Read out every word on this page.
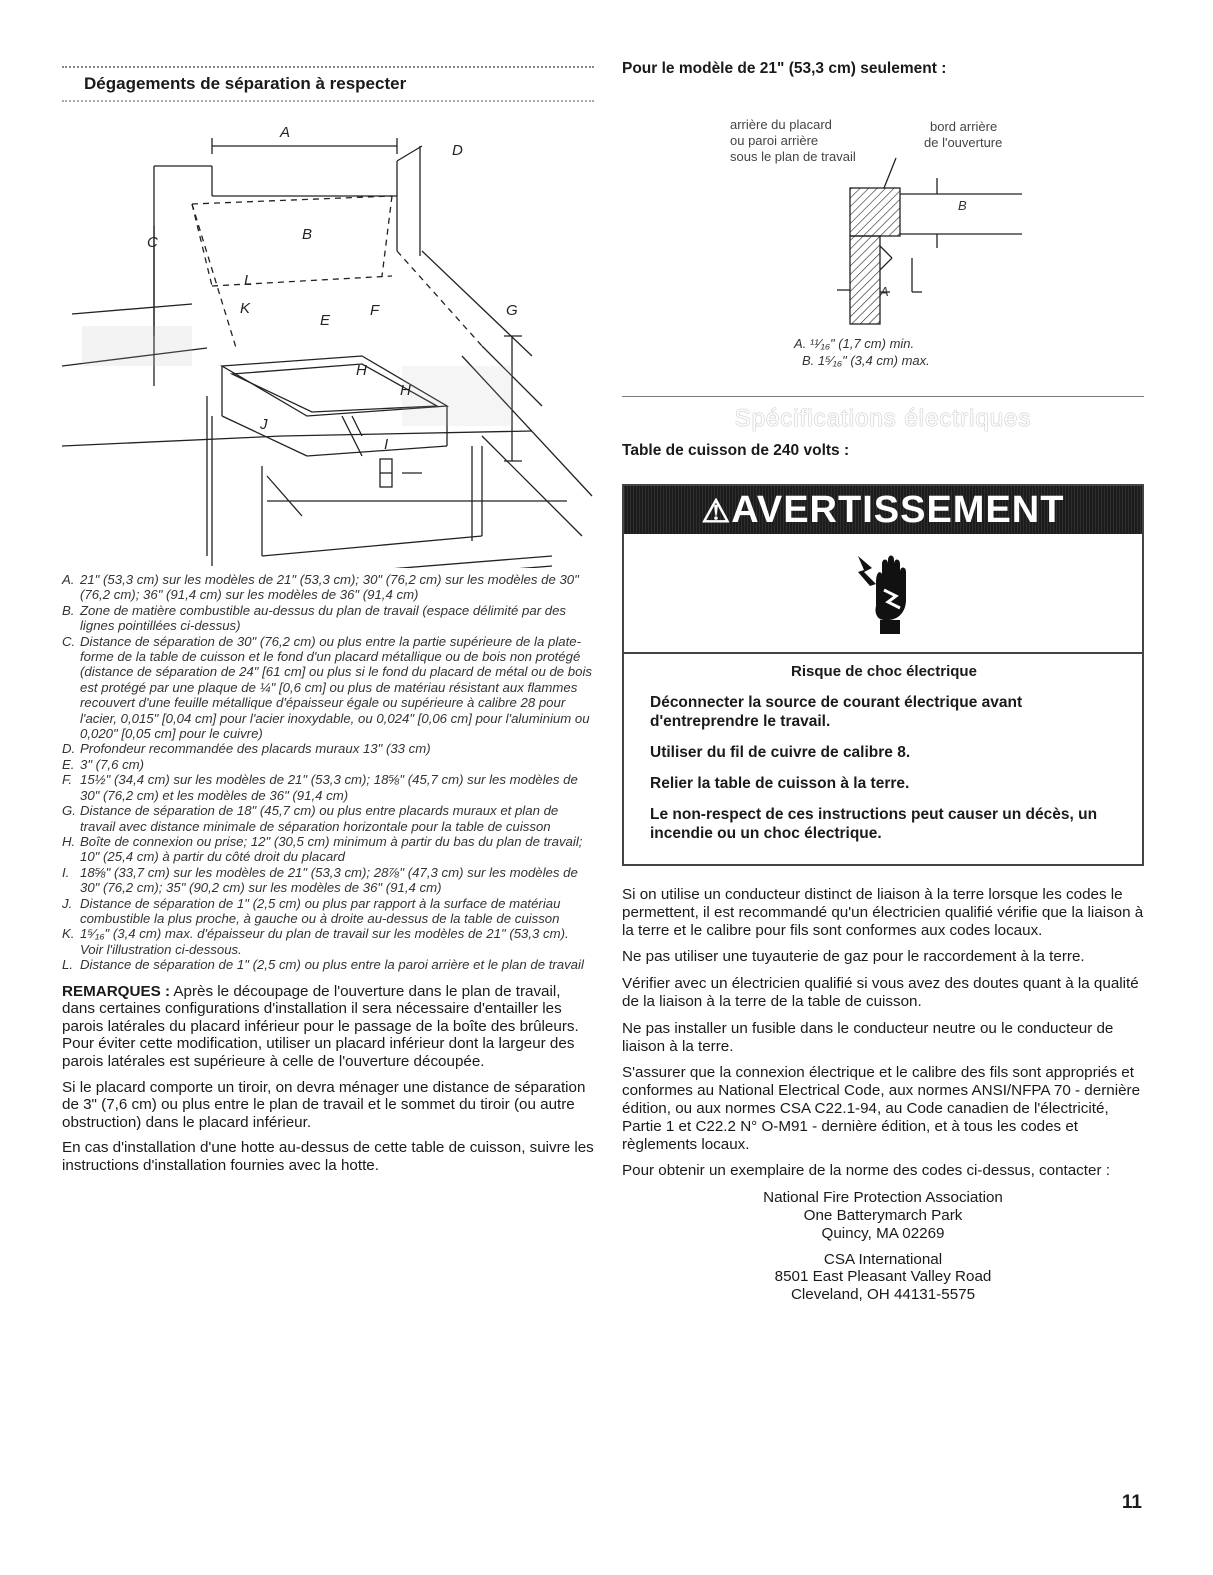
Dégagements de séparation à respecter
A
D
B
C
L
K
E
F	G
H
H
J
I
A. 21" (53,3 cm) sur les modèles de 21" (53,3 cm); 30" (76,2 cm) sur les modèles de 30" (76,2 cm); 36" (91,4 cm) sur les modèles de 36" (91,4 cm)
B. Zone de matière combustible au-dessus du plan de travail (espace délimité par des lignes pointillées ci-dessus)
C. Distance de séparation de 30" (76,2 cm) ou plus entre la partie supérieure de la plate-forme de la table de cuisson et le fond d'un placard métallique ou de bois non protégé (distance de séparation de 24" [61 cm] ou plus si le fond du placard de métal ou de bois est protégé par une plaque de ¼" [0,6 cm] ou plus de matériau résistant aux flammes recouvert d'une feuille métallique d'épaisseur égale ou supérieure à calibre 28 pour l'acier, 0,015" [0,04 cm] pour l'acier inoxydable, ou 0,024" [0,06 cm] pour l'aluminium ou 0,020" [0,05 cm] pour le cuivre)
D. Profondeur recommandée des placards muraux 13" (33 cm)
E. 3" (7,6 cm)
F. 15½" (34,4 cm) sur les modèles de 21" (53,3 cm); 18⅝" (45,7 cm) sur les modèles de 30" (76,2 cm) et les modèles de 36" (91,4 cm)
G. Distance de séparation de 18" (45,7 cm) ou plus entre placards muraux et plan de travail avec distance minimale de séparation horizontale pour la table de cuisson
H. Boîte de connexion ou prise; 12" (30,5 cm) minimum à partir du bas du plan de travail; 10" (25,4 cm) à partir du côté droit du placard
I. 18⅝" (33,7 cm) sur les modèles de 21" (53,3 cm); 28⅞" (47,3 cm) sur les modèles de 30" (76,2 cm); 35" (90,2 cm) sur les modèles de 36" (91,4 cm)
J. Distance de séparation de 1" (2,5 cm) ou plus par rapport à la surface de matériau combustible la plus proche, à gauche ou à droite au-dessus de la table de cuisson
K. 1⁵⁄₁₆" (3,4 cm) max. d'épaisseur du plan de travail sur les modèles de 21" (53,3 cm). Voir l'illustration ci-dessous.
L. Distance de séparation de 1" (2,5 cm) ou plus entre la paroi arrière et le plan de travail

REMARQUES : Après le découpage de l'ouverture dans le plan de travail, dans certaines configurations d'installation il sera nécessaire d'entailler les parois latérales du placard inférieur pour le passage de la boîte des brûleurs. Pour éviter cette modification, utiliser un placard inférieur dont la largeur des parois latérales est supérieure à celle de l'ouverture découpée.

Si le placard comporte un tiroir, on devra ménager une distance de séparation de 3" (7,6 cm) ou plus entre le plan de travail et le sommet du tiroir (ou autre obstruction) dans le placard inférieur.

En cas d'installation d'une hotte au-dessus de cette table de cuisson, suivre les instructions d'installation fournies avec la hotte.

Pour le modèle de 21" (53,3 cm) seulement :
arrière du placard
ou paroi arrière
sous le plan de travail
bord arrière
de l'ouverture
B
A
A. ¹¹⁄₁₆" (1,7 cm) min.
B. 1⁵⁄₁₆" (3,4 cm) max.
Spécifications électriques
Table de cuisson de 240 volts :
⚠AVERTISSEMENT
Risque de choc électrique

Déconnecter la source de courant électrique avant d'entreprendre le travail.

Utiliser du fil de cuivre de calibre 8.

Relier la table de cuisson à la terre.

Le non-respect de ces instructions peut causer un décès, un incendie ou un choc électrique.

Si on utilise un conducteur distinct de liaison à la terre lorsque les codes le permettent, il est recommandé qu'un électricien qualifié vérifie que la liaison à la terre et le calibre pour fils sont conformes aux codes locaux.

Ne pas utiliser une tuyauterie de gaz pour le raccordement à la terre.

Vérifier avec un électricien qualifié si vous avez des doutes quant à la qualité de la liaison à la terre de la table de cuisson.

Ne pas installer un fusible dans le conducteur neutre ou le conducteur de liaison à la terre.

S'assurer que la connexion électrique et le calibre des fils sont appropriés et conformes au National Electrical Code, aux normes ANSI/NFPA 70 - dernière édition, ou aux normes CSA C22.1-94, au Code canadien de l'électricité, Partie 1 et C22.2 N° O-M91 - dernière édition, et à tous les codes et règlements locaux.

Pour obtenir un exemplaire de la norme des codes ci-dessus, contacter :

National Fire Protection Association
One Batterymarch Park
Quincy, MA 02269
CSA International
8501 East Pleasant Valley Road
Cleveland, OH 44131-5575
11
